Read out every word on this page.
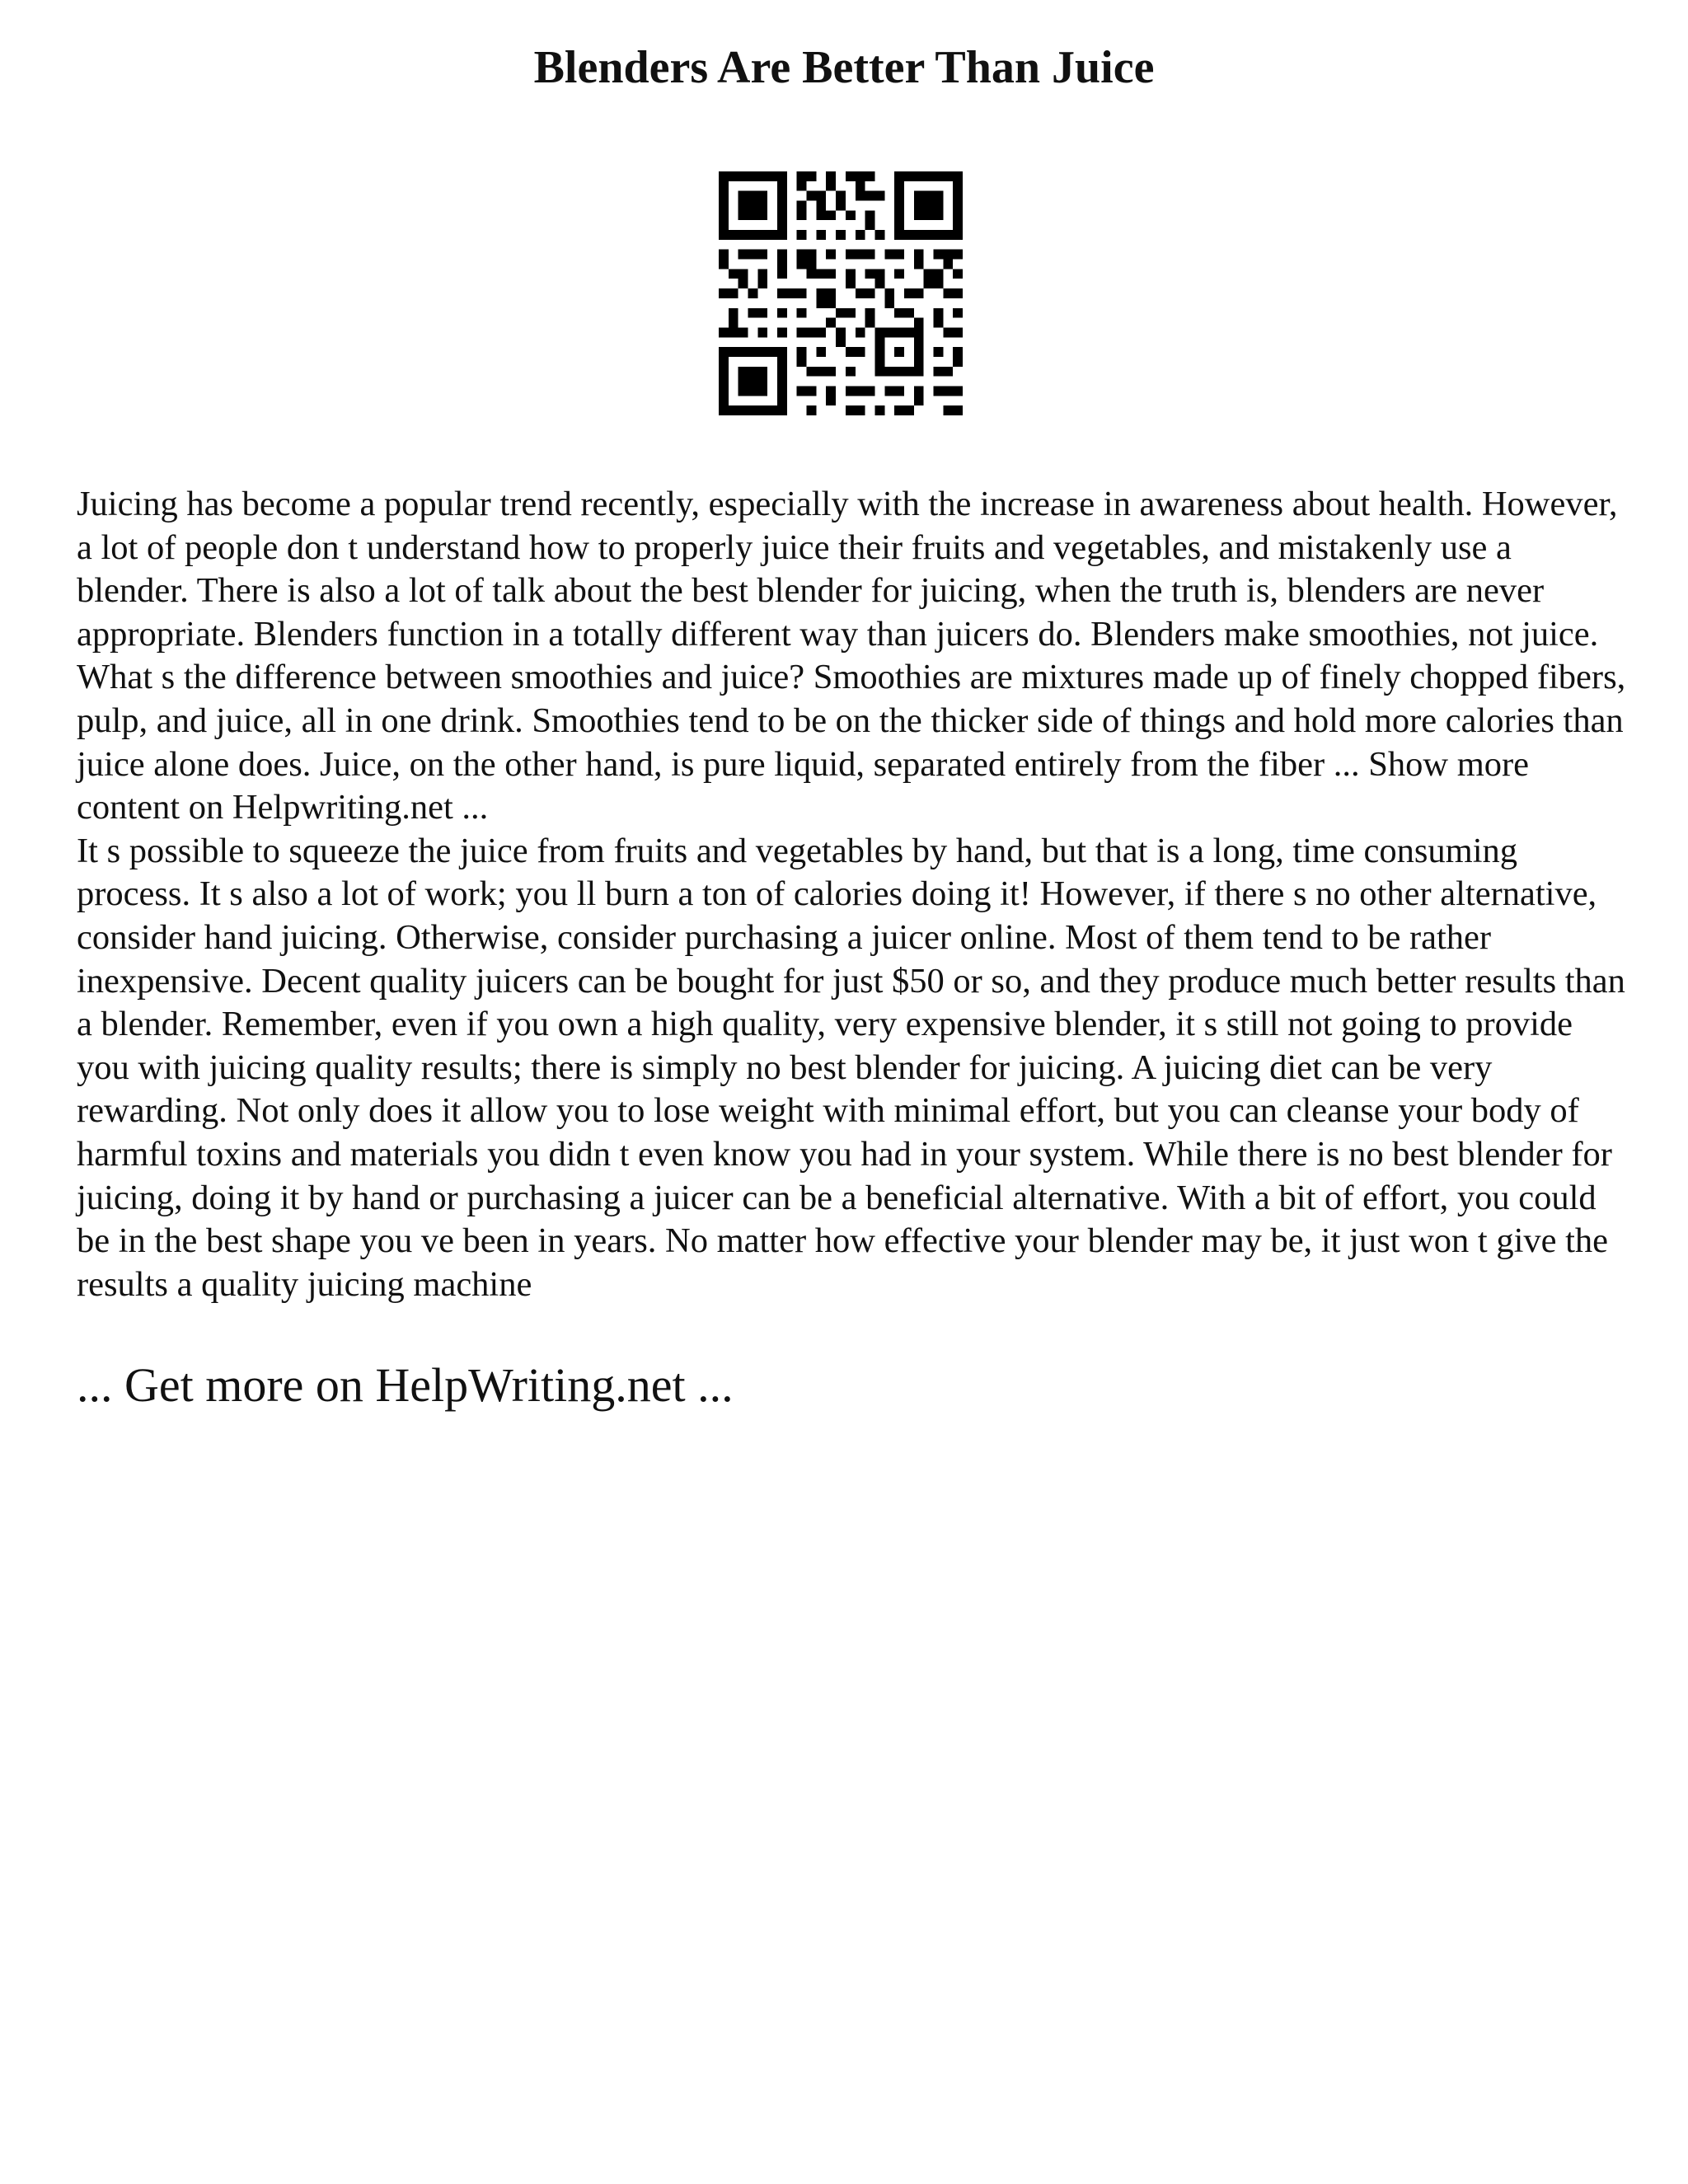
Blenders Are Better Than Juice

Juicing has become a popular trend recently, especially with the increase in awareness about health. However, a lot of people don t understand how to properly juice their fruits and vegetables, and mistakenly use a blender. There is also a lot of talk about the best blender for juicing, when the truth is, blenders are never appropriate. Blenders function in a totally different way than juicers do. Blenders make smoothies, not juice. What s the difference between smoothies and juice? Smoothies are mixtures made up of finely chopped fibers, pulp, and juice, all in one drink. Smoothies tend to be on the thicker side of things and hold more calories than juice alone does. Juice, on the other hand, is pure liquid, separated entirely from the fiber ... Show more content on Helpwriting.net ...

It s possible to squeeze the juice from fruits and vegetables by hand, but that is a long, time consuming process. It s also a lot of work; you ll burn a ton of calories doing it! However, if there s no other alternative, consider hand juicing. Otherwise, consider purchasing a juicer online. Most of them tend to be rather inexpensive. Decent quality juicers can be bought for just $50 or so, and they produce much better results than a blender. Remember, even if you own a high quality, very expensive blender, it s still not going to provide you with juicing quality results; there is simply no best blender for juicing. A juicing diet can be very rewarding. Not only does it allow you to lose weight with minimal effort, but you can cleanse your body of harmful toxins and materials you didn t even know you had in your system. While there is no best blender for juicing, doing it by hand or purchasing a juicer can be a beneficial alternative. With a bit of effort, you could be in the best shape you ve been in years. No matter how effective your blender may be, it just won t give the results a quality juicing machine

... Get more on HelpWriting.net ...
